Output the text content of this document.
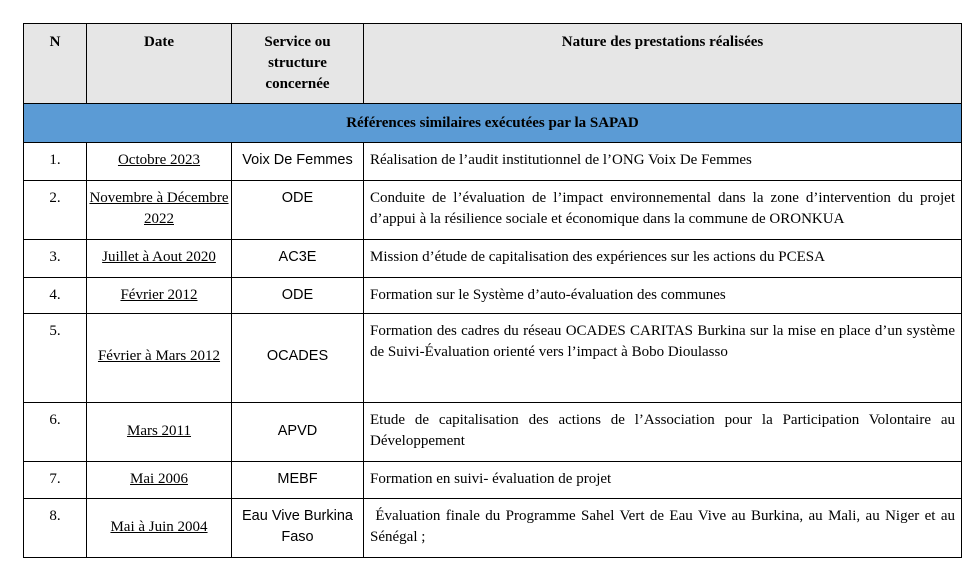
N	Date	Service ou
structure
concernée	Nature des prestations réalisées
Références similaires exécutées par la SAPAD			
1.	Octobre 2023	Voix De Femmes	Réalisation de l’audit institutionnel de l’ONG Voix De Femmes
2.	Novembre à Décembre 2022	ODE	Conduite de l’évaluation de l’impact environnemental dans la zone d’intervention du projet d’appui à la résilience sociale et économique dans la commune de ORONKUA
3.	Juillet à Aout 2020	AC3E	Mission d’étude de capitalisation des expériences sur les actions du PCESA
4.	Février 2012	ODE	Formation sur le Système d’auto-évaluation des communes
5.	Février à Mars 2012	OCADES	Formation des cadres du réseau OCADES CARITAS Burkina sur la mise en place d’un système de Suivi-Évaluation orienté vers l’impact à Bobo Dioulasso
6.	Mars 2011	APVD	Etude de capitalisation des actions de l’Association pour la Participation Volontaire au Développement
7.	Mai 2006	MEBF	Formation en suivi- évaluation de projet
8.	Mai à Juin 2004	Eau Vive Burkina Faso	Évaluation finale du Programme Sahel Vert de Eau Vive au Burkina, au Mali, au Niger et au Sénégal ;
